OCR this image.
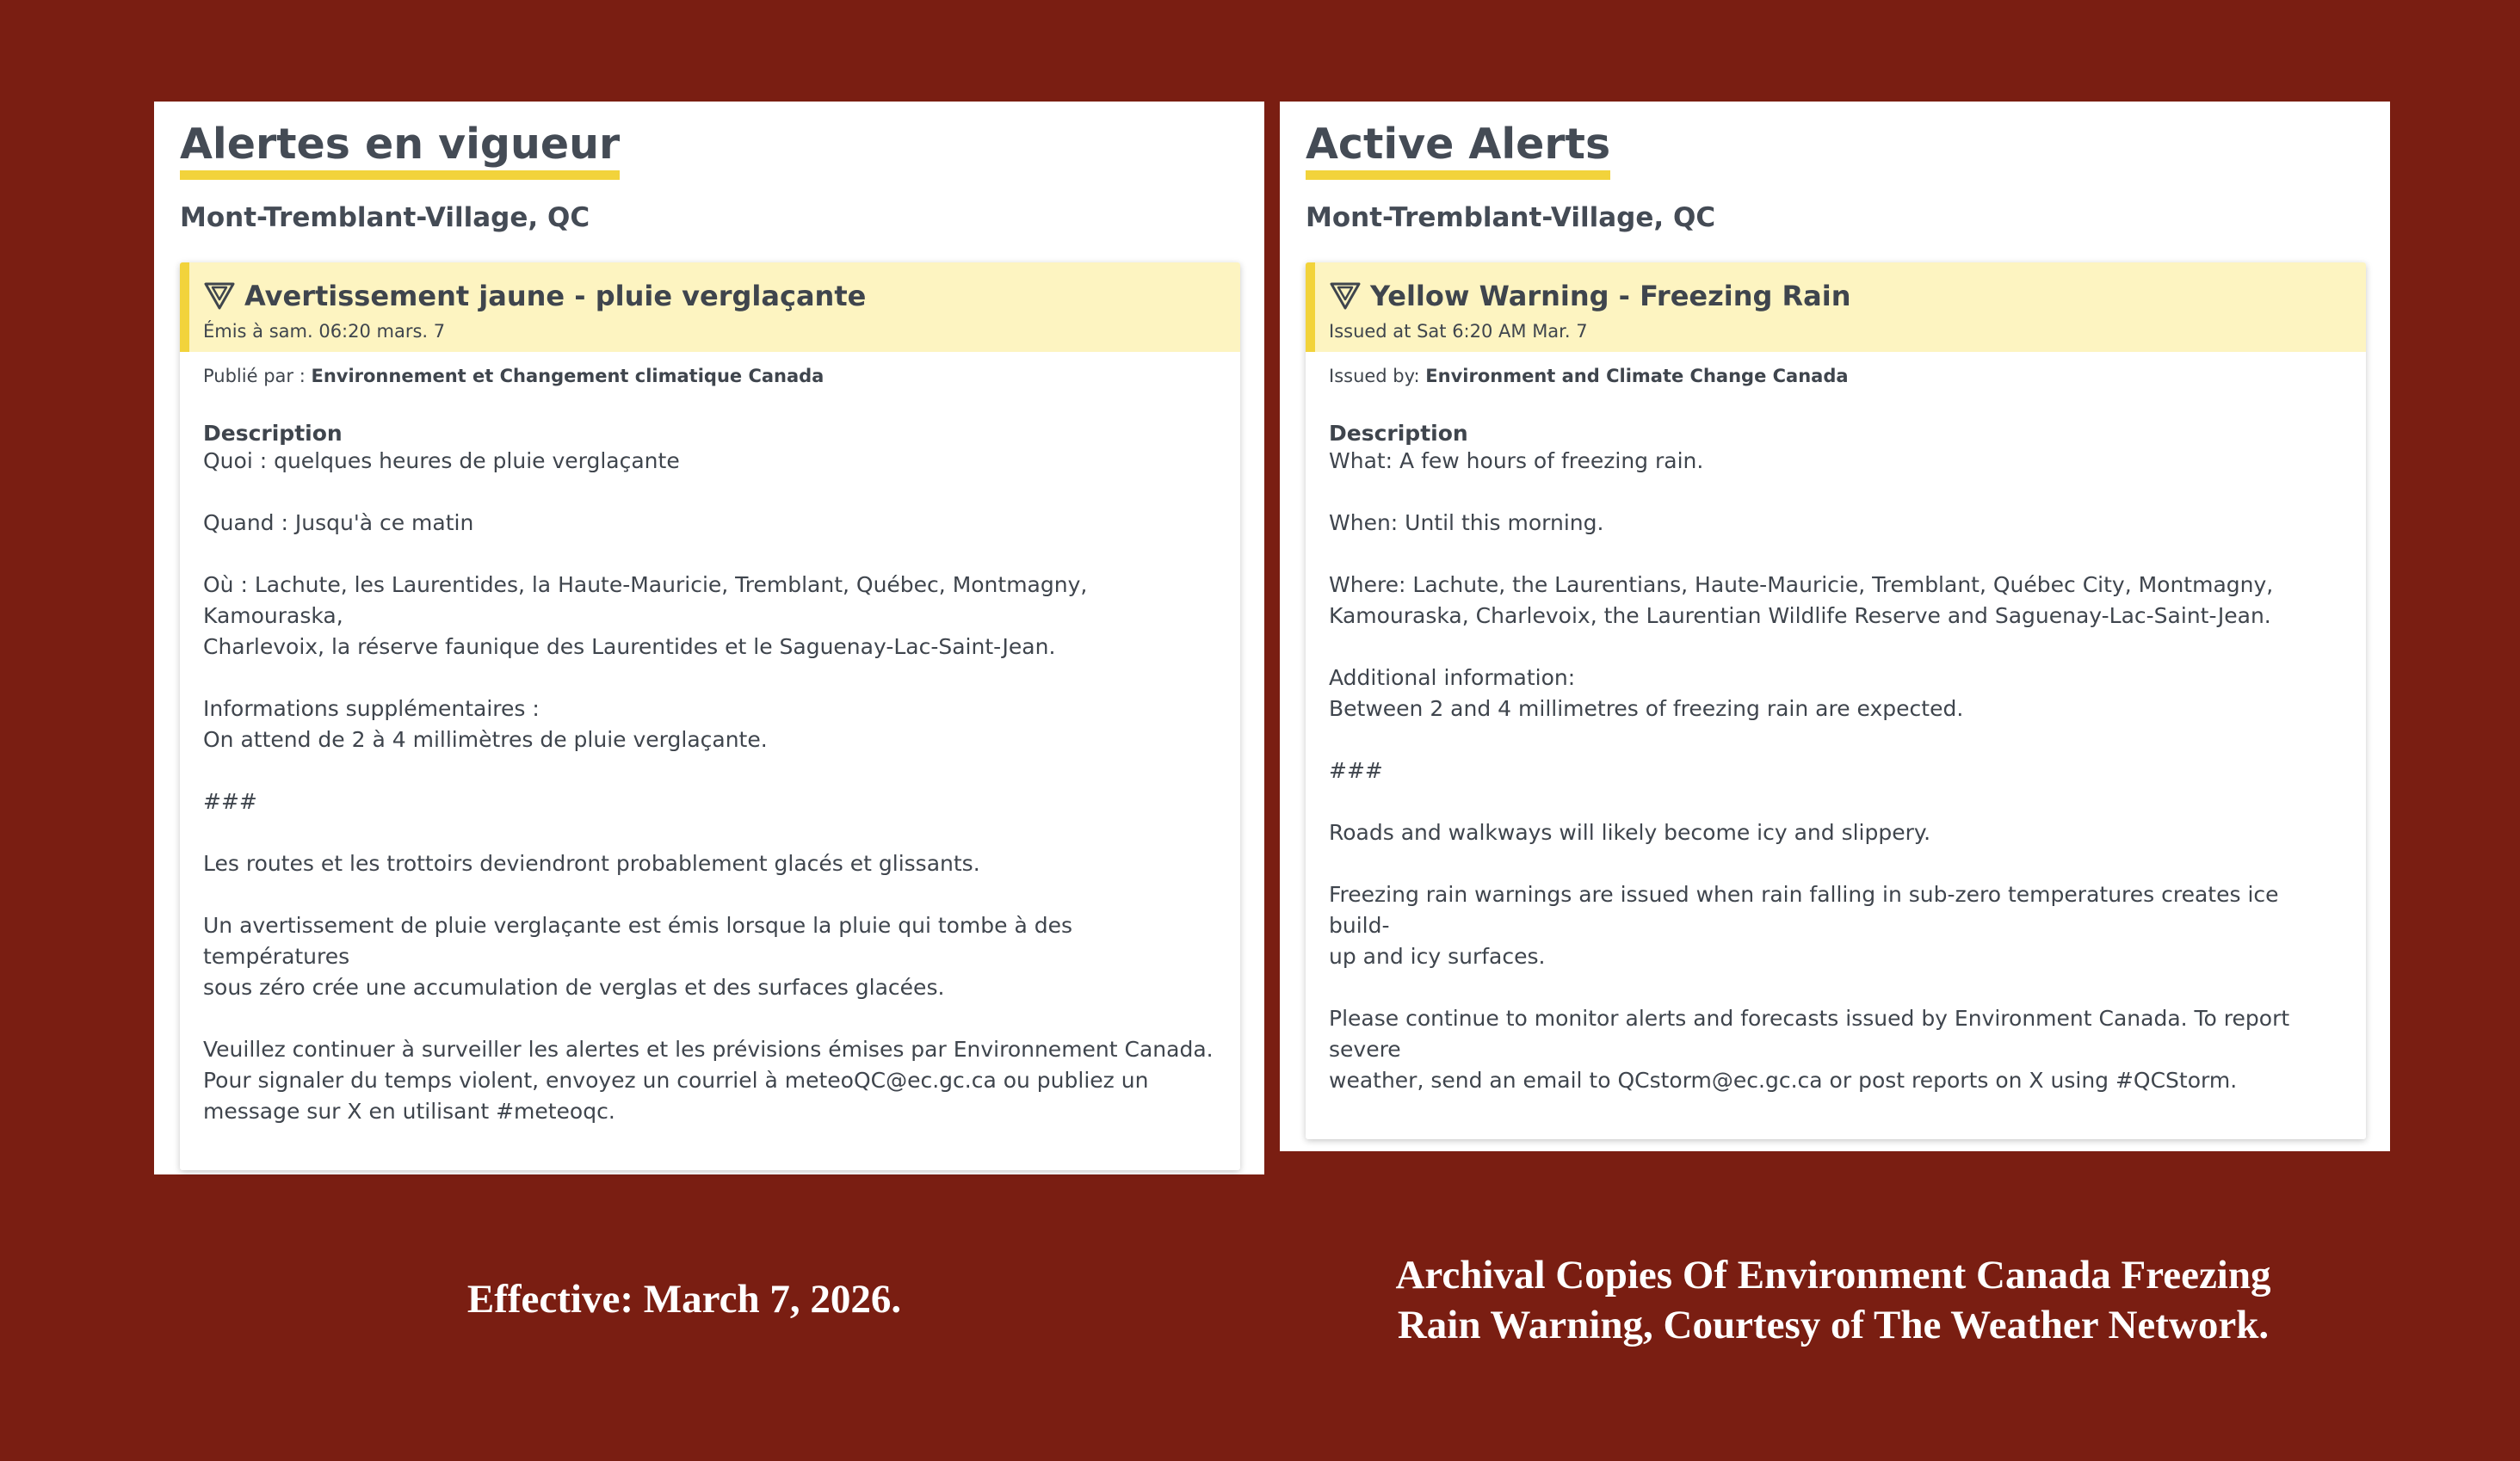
Alertes en vigueur
Mont-Tremblant-Village, QC
Avertissement jaune - pluie verglaçante
Émis à sam. 06:20 mars. 7
Publié par : Environnement et Changement climatique Canada
Description
Quoi : quelques heures de pluie verglaçante
Quand : Jusqu'à ce matin
Où : Lachute, les Laurentides, la Haute-Mauricie, Tremblant, Québec, Montmagny, Kamouraska,
Charlevoix, la réserve faunique des Laurentides et le Saguenay-Lac-Saint-Jean.
Informations supplémentaires :
On attend de 2 à 4 millimètres de pluie verglaçante.
###
Les routes et les trottoirs deviendront probablement glacés et glissants.
Un avertissement de pluie verglaçante est émis lorsque la pluie qui tombe à des températures
sous zéro crée une accumulation de verglas et des surfaces glacées.
Veuillez continuer à surveiller les alertes et les prévisions émises par Environnement Canada.
Pour signaler du temps violent, envoyez un courriel à meteoQC@ec.gc.ca ou publiez un
message sur X en utilisant #meteoqc.
Active Alerts
Mont-Tremblant-Village, QC
Yellow Warning - Freezing Rain
Issued at Sat 6:20 AM Mar. 7
Issued by: Environment and Climate Change Canada
Description
What: A few hours of freezing rain.
When: Until this morning.
Where: Lachute, the Laurentians, Haute-Mauricie, Tremblant, Québec City, Montmagny,
Kamouraska, Charlevoix, the Laurentian Wildlife Reserve and Saguenay-Lac-Saint-Jean.
Additional information:
Between 2 and 4 millimetres of freezing rain are expected.
###
Roads and walkways will likely become icy and slippery.
Freezing rain warnings are issued when rain falling in sub-zero temperatures creates ice build-
up and icy surfaces.
Please continue to monitor alerts and forecasts issued by Environment Canada. To report severe
weather, send an email to QCstorm@ec.gc.ca or post reports on X using #QCStorm.
Effective: March 7, 2026.
Archival Copies Of Environment Canada Freezing
Rain Warning, Courtesy of The Weather Network.
